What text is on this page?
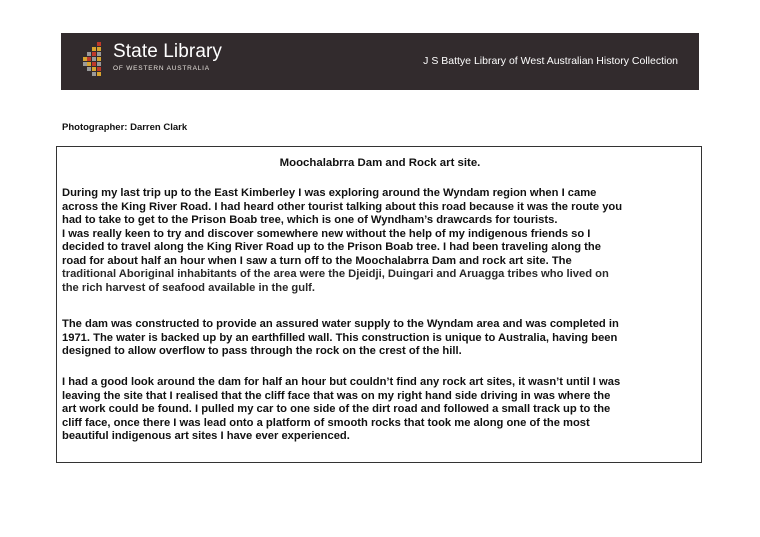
State Library
OF WESTERN AUSTRALIA
J S Battye Library of West Australian History Collection
Photographer: Darren Clark
Moochalabrra Dam and Rock art site.
During my last trip up to the East Kimberley I was exploring around the Wyndam region when I came
across the King River Road. I had heard other tourist talking about this road because it was the route you
had to take to get to the Prison Boab tree, which is one of Wyndham’s drawcards for tourists.
I was really keen to try and discover somewhere new without the help of my indigenous friends so I
decided to travel along the King River Road up to the Prison Boab tree. I had been traveling along the
road for about half an hour when I saw a turn off to the Moochalabrra Dam and rock art site. The
traditional Aboriginal inhabitants of the area were the Djeidji, Duingari and Aruagga tribes who lived on
the rich harvest of seafood available in the gulf.
The dam was constructed to provide an assured water supply to the Wyndam area and was completed in
1971. The water is backed up by an earthfilled wall. This construction is unique to Australia, having been
designed to allow overflow to pass through the rock on the crest of the hill.
I had a good look around the dam for half an hour but couldn’t find any rock art sites, it wasn’t until I was
leaving the site that I realised that the cliff face that was on my right hand side driving in was where the
art work could be found. I pulled my car to one side of the dirt road and followed a small track up to the
cliff face, once there I was lead onto a platform of smooth rocks that took me along one of the most
beautiful indigenous art sites I have ever experienced.
